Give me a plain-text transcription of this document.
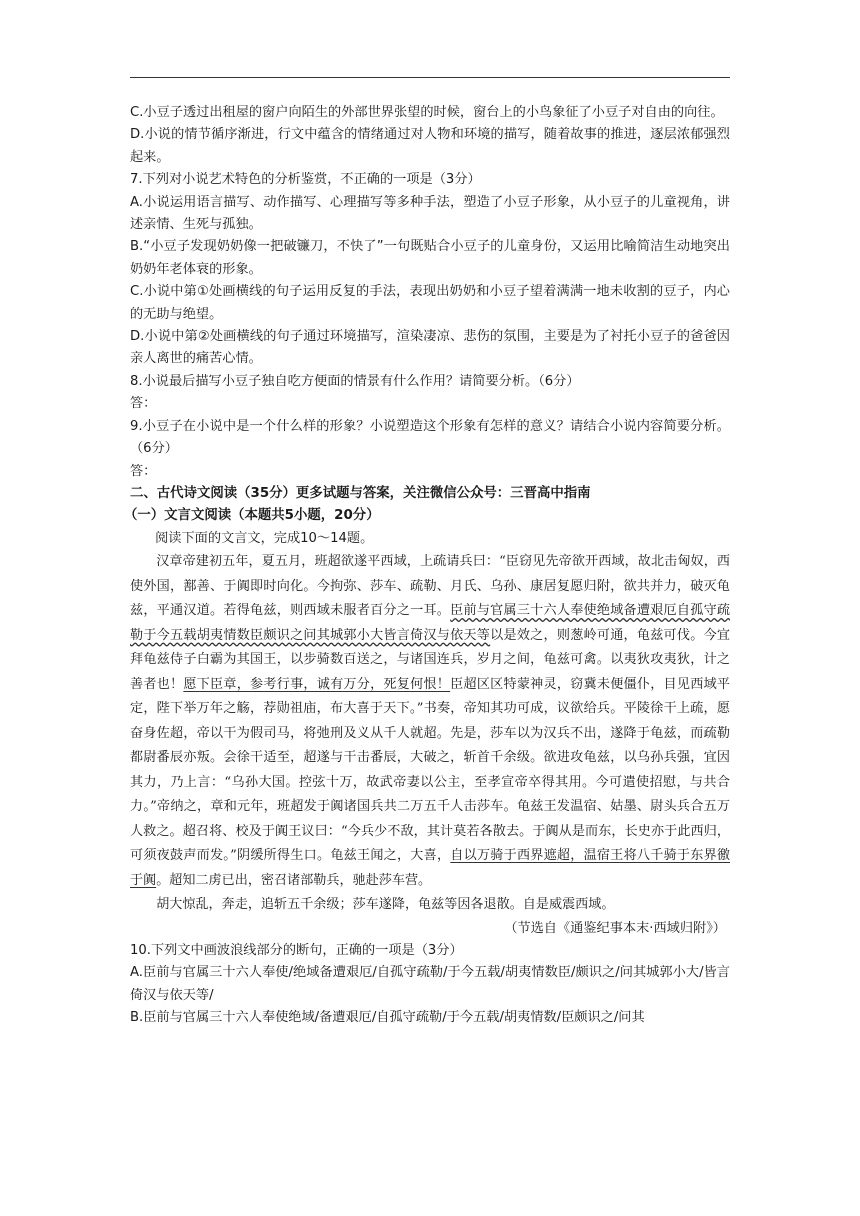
C.小豆子透过出租屋的窗户向陌生的外部世界张望的时候，窗台上的小鸟象征了小豆子对自由的向往。

D.小说的情节循序渐进，行文中蕴含的情绪通过对人物和环境的描写，随着故事的推进，逐层浓郁强烈起来。

7.下列对小说艺术特色的分析鉴赏，不正确的一项是（3分）

A.小说运用语言描写、动作描写、心理描写等多种手法，塑造了小豆子形象，从小豆子的儿童视角，讲述亲情、生死与孤独。

B.“小豆子发现奶奶像一把破镰刀，不快了”一句既贴合小豆子的儿童身份，又运用比喻简洁生动地突出奶奶年老体衰的形象。

C.小说中第①处画横线的句子运用反复的手法，表现出奶奶和小豆子望着满满一地未收割的豆子，内心的无助与绝望。

D.小说中第②处画横线的句子通过环境描写，渲染凄凉、悲伤的氛围，主要是为了衬托小豆子的爸爸因亲人离世的痛苦心情。

8.小说最后描写小豆子独自吃方便面的情景有什么作用？请简要分析。（6分）

答：

9.小豆子在小说中是一个什么样的形象？小说塑造这个形象有怎样的意义？请结合小说内容简要分析。（6分）

答：

二、古代诗文阅读（35分）更多试题与答案，关注微信公众号：三晋高中指南

（一）文言文阅读（本题共5小题，20分）

阅读下面的文言文，完成10～14题。

汉章帝建初五年，夏五月，班超欲遂平西域，上疏请兵曰：“臣窃见先帝欲开西域，故北击匈奴，西使外国，鄯善、于阗即时向化。今拘弥、莎车、疏勒、月氏、乌孙、康居复愿归附，欲共并力，破灭龟兹，平通汉道。若得龟兹，则西域未服者百分之一耳。臣前与官属三十六人奉使绝域备遭艰厄自孤守疏勒于今五载胡夷情数臣颇识之问其城郭小大皆言倚汉与依天等以是效之，则葱岭可通，龟兹可伐。今宜拜龟兹侍子白霸为其国王，以步骑数百送之，与诸国连兵，岁月之间，龟兹可禽。以夷狄攻夷狄，计之善者也！愿下臣章，参考行事，诚有万分，死复何恨！臣超区区特蒙神灵，窃冀未便僵仆，目见西域平定，陛下举万年之觞，荐勋祖庙，布大喜于天下。”书奏，帝知其功可成，议欲给兵。平陵徐干上疏，愿奋身佐超，帝以干为假司马，将弛刑及义从千人就超。先是，莎车以为汉兵不出，遂降于龟兹，而疏勒都尉番辰亦叛。会徐干适至，超遂与干击番辰，大破之，斩首千余级。欲进攻龟兹，以乌孙兵强，宜因其力，乃上言：“乌孙大国。控弦十万，故武帝妻以公主，至孝宣帝卒得其用。今可遣使招慰，与共合力。”帝纳之，章和元年，班超发于阗诸国兵共二万五千人击莎车。龟兹王发温宿、姑墨、尉头兵合五万人救之。超召将、校及于阗王议曰：“今兵少不敌，其计莫若各散去。于阗从是而东，长史亦于此西归，可须夜鼓声而发。”阴缓所得生口。龟兹王闻之，大喜，自以万骑于西界遮超，温宿王将八千骑于东界徼于阗。超知二虏已出，密召诸部勒兵，驰赴莎车营。

胡大惊乱，奔走，追斩五千余级；莎车遂降，龟兹等因各退散。自是威震西域。

（节选自《通鉴纪事本末·西域归附》）

10.下列文中画波浪线部分的断句，正确的一项是（3分）

A.臣前与官属三十六人奉使/绝域备遭艰厄/自孤守疏勒/于今五载/胡夷情数臣/颇识之/问其城郭小大/皆言倚汉与依天等/

B.臣前与官属三十六人奉使绝域/备遭艰厄/自孤守疏勒/于今五载/胡夷情数/臣颇识之/问其
